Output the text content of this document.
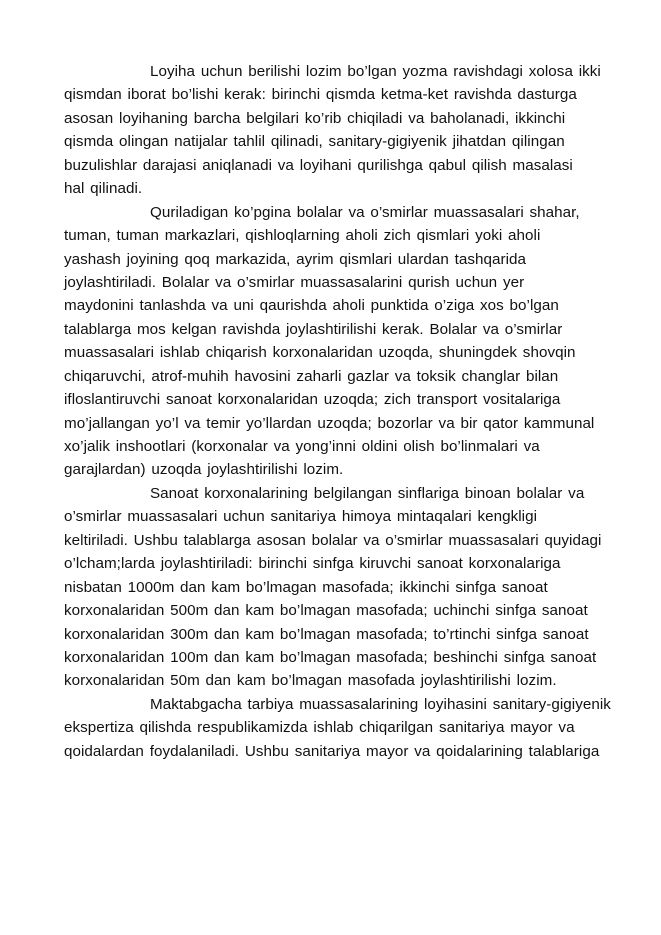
Loyiha uchun berilishi lozim bo’lgan yozma ravishdagi xolosa ikki
qismdan iborat bo’lishi kerak: birinchi qismda ketma-ket ravishda dasturga
asosan loyihaning barcha belgilari ko’rib chiqiladi va baholanadi, ikkinchi
qismda olingan natijalar tahlil qilinadi, sanitary-gigiyenik jihatdan qilingan
buzulishlar darajasi aniqlanadi va loyihani qurilishga qabul qilish masalasi
hal qilinadi.
Quriladigan ko’pgina bolalar va o’smirlar muassasalari shahar,
tuman, tuman markazlari, qishloqlarning aholi zich qismlari yoki aholi
yashash joyining qoq markazida, ayrim qismlari ulardan tashqarida
joylashtiriladi. Bolalar va o’smirlar muassasalarini qurish uchun yer
maydonini tanlashda va uni qaurishda aholi punktida o’ziga xos bo’lgan
talablarga mos kelgan ravishda joylashtirilishi kerak. Bolalar va o’smirlar
muassasalari ishlab chiqarish korxonalaridan uzoqda, shuningdek shovqin
chiqaruvchi, atrof-muhih havosini zaharli gazlar va toksik changlar bilan
ifloslantiruvchi sanoat korxonalaridan uzoqda; zich transport vositalariga
mo’jallangan yo’l va temir yo’llardan uzoqda; bozorlar va bir qator kammunal
xo’jalik inshootlari (korxonalar va yong’inni oldini olish bo’linmalari va
garajlardan) uzoqda joylashtirilishi lozim.
Sanoat korxonalarining belgilangan sinflariga binoan bolalar va
o’smirlar muassasalari uchun sanitariya himoya mintaqalari kengkligi
keltiriladi. Ushbu talablarga asosan bolalar va o’smirlar muassasalari quyidagi
o’lcham;larda joylashtiriladi: birinchi sinfga kiruvchi sanoat korxonalariga
nisbatan 1000m dan kam bo’lmagan masofada; ikkinchi sinfga sanoat
korxonalaridan 500m dan kam bo’lmagan masofada; uchinchi sinfga sanoat
korxonalaridan 300m dan kam bo’lmagan masofada; to’rtinchi sinfga sanoat
korxonalaridan 100m dan kam bo’lmagan masofada; beshinchi sinfga sanoat
korxonalaridan 50m dan kam bo’lmagan masofada joylashtirilishi lozim.
Maktabgacha tarbiya muassasalarining loyihasini sanitary-gigiyenik
ekspertiza qilishda respublikamizda ishlab chiqarilgan sanitariya mayor va
qoidalardan foydalaniladi. Ushbu sanitariya mayor va qoidalarining talablariga
